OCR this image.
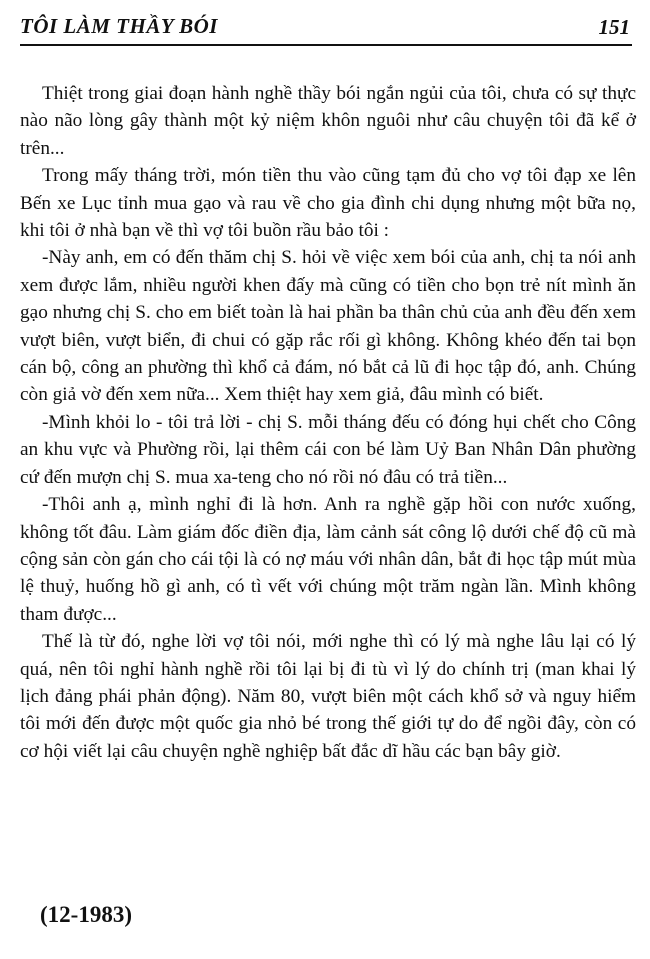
TÔI LÀM THẦY BÓI	151

Thiệt trong giai đoạn hành nghề thầy bói ngắn ngủi của tôi, chưa có sự thực nào não lòng gây thành một kỷ niệm khôn nguôi như câu chuyện tôi đã kể ở trên...

Trong mấy tháng trời, món tiền thu vào cũng tạm đủ cho vợ tôi đạp xe lên Bến xe Lục tỉnh mua gạo và rau về cho gia đình chi dụng nhưng một bữa nọ, khi tôi ở nhà bạn về thì vợ tôi buồn rầu bảo tôi :

-Này anh, em có đến thăm chị S. hỏi về việc xem bói của anh, chị ta nói anh xem được lắm, nhiều người khen đấy mà cũng có tiền cho bọn trẻ nít mình ăn gạo nhưng chị S. cho em biết toàn là hai phần ba thân chủ của anh đều đến xem vượt biên, vượt biển, đi chui có gặp rắc rối gì không. Không khéo đến tai bọn cán bộ, công an phường thì khổ cả đám, nó bắt cả lũ đi học tập đó, anh. Chúng còn giả vờ đến xem nữa... Xem thiệt hay xem giả, đâu mình có biết.

-Mình khỏi lo - tôi trả lời - chị S. mỗi tháng đếu có đóng hụi chết cho Công an khu vực và Phường rồi, lại thêm cái con bé làm Uỷ Ban Nhân Dân phường cứ đến mượn chị S. mua xa-teng cho nó rồi nó đâu có trả tiền...

-Thôi anh ạ, mình nghỉ đi là hơn. Anh ra nghề gặp hồi con nước xuống, không tốt đâu. Làm giám đốc điền địa, làm cảnh sát công lộ dưới chế độ cũ mà cộng sản còn gán cho cái tội là có nợ máu với nhân dân, bắt đi học tập mút mùa lệ thuỷ, huống hồ gì anh, có tì vết với chúng một trăm ngàn lần. Mình không tham được...

Thế là từ đó, nghe lời vợ tôi nói, mới nghe thì có lý mà nghe lâu lại có lý quá, nên tôi nghỉ hành nghề rồi tôi lại bị đi tù vì lý do chính trị (man khai lý lịch đảng phái phản động). Năm 80, vượt biên một cách khổ sở và nguy hiểm tôi mới đến được một quốc gia nhỏ bé trong thế giới tự do để ngồi đây, còn có cơ hội viết lại câu chuyện nghề nghiệp bất đắc dĩ hầu các bạn bây giờ.

(12-1983)
